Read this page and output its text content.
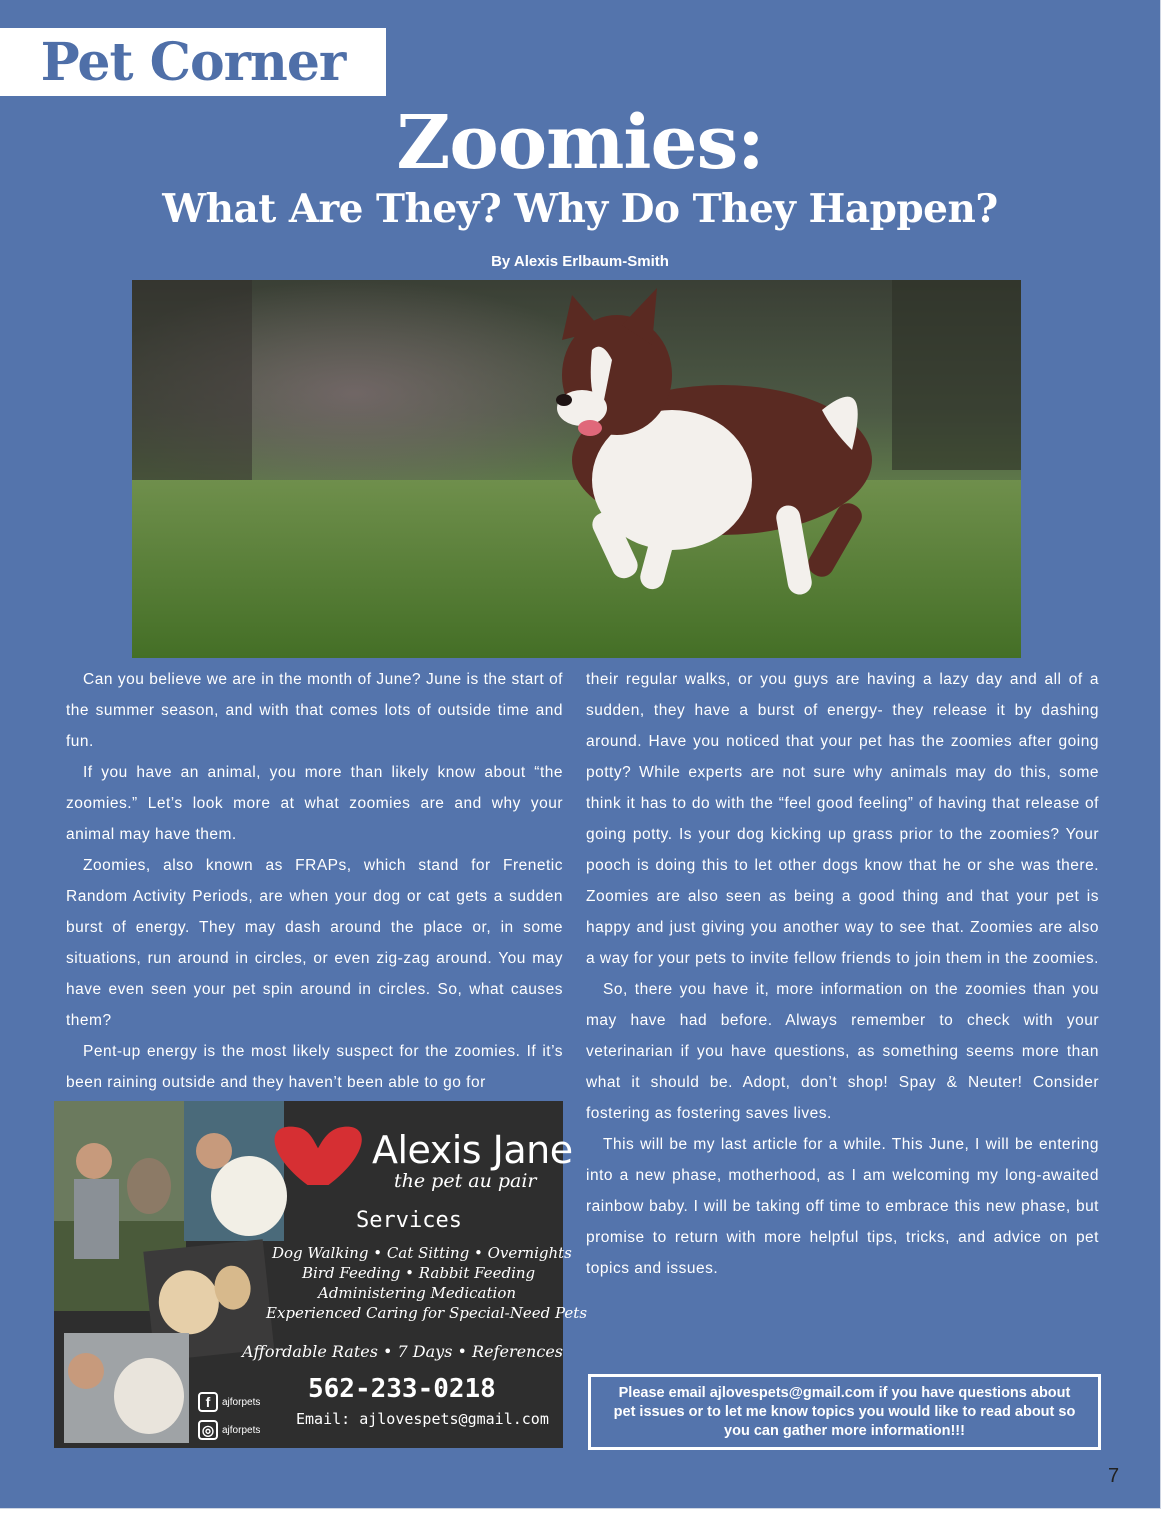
Pet Corner
Zoomies:
What Are They? Why Do They Happen?
By Alexis Erlbaum-Smith

Can you believe we are in the month of June? June is the start of the summer season, and with that comes lots of outside time and fun.

If you have an animal, you more than likely know about “the zoomies.” Let’s look more at what zoomies are and why your animal may have them.

Zoomies, also known as FRAPs, which stand for Frenetic Random Activity Periods, are when your dog or cat gets a sudden burst of energy. They may dash around the place or, in some situations, run around in circles, or even zig-zag around. You may have even seen your pet spin around in circles. So, what causes them?

Pent-up energy is the most likely suspect for the zoomies. If it’s been raining outside and they haven’t been able to go for

their regular walks, or you guys are having a lazy day and all of a sudden, they have a burst of energy- they release it by dashing around. Have you noticed that your pet has the zoomies after going potty? While experts are not sure why animals may do this, some think it has to do with the “feel good feeling” of having that release of going potty. Is your dog kicking up grass prior to the zoomies? Your pooch is doing this to let other dogs know that he or she was there. Zoomies are also seen as being a good thing and that your pet is happy and just giving you another way to see that. Zoomies are also a way for your pets to invite fellow friends to join them in the zoomies.

So, there you have it, more information on the zoomies than you may have had before. Always remember to check with your veterinarian if you have questions, as something seems more than what it should be. Adopt, don’t shop! Spay & Neuter! Consider fostering as fostering saves lives.

This will be my last article for a while. This June, I will be entering into a new phase, motherhood, as I am welcoming my long-awaited rainbow baby. I will be taking off time to embrace this new phase, but promise to return with more helpful tips, tricks, and advice on pet topics and issues.

Alexis Jane
the pet au pair
Services
Dog Walking • Cat Sitting • Overnights
Bird Feeding • Rabbit Feeding
Administering Medication
Experienced Caring for Special-Need Pets
Affordable Rates • 7 Days • References
562-233-0218
Email: ajlovespets@gmail.com
f	ajforpets
◎ ajforpets
Please email ajlovespets@gmail.com if you have questions about pet issues or to let me know topics you would like to read about so you can gather more information!!!
7
